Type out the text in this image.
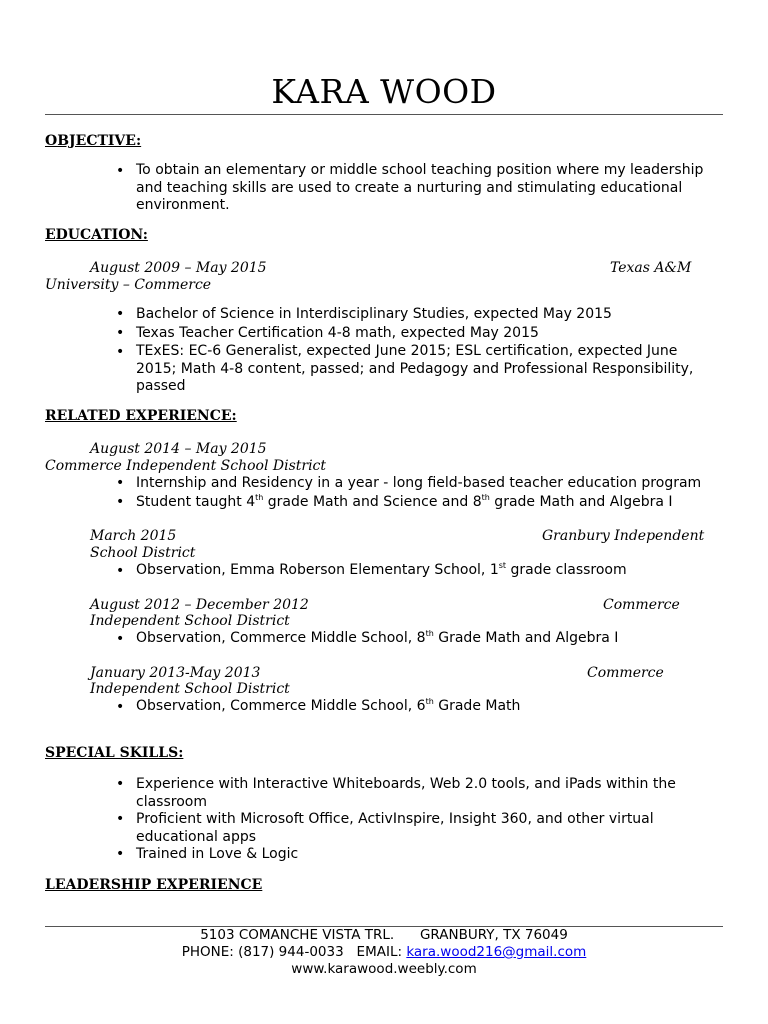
KARA WOOD
OBJECTIVE:
• To obtain an elementary or middle school teaching position where my leadership and teaching skills are used to create a nurturing and stimulating educational environment.
EDUCATION:
August 2009 – May 2015	Texas A&M
University – Commerce
• Bachelor of Science in Interdisciplinary Studies, expected May 2015
• Texas Teacher Certification 4-8 math, expected May 2015
• TExES: EC-6 Generalist, expected June 2015; ESL certification, expected June 2015; Math 4-8 content, passed; and Pedagogy and Professional Responsibility, passed
RELATED EXPERIENCE:
August 2014 – May 2015
Commerce Independent School District
• Internship and Residency in a year - long field-based teacher education program
• Student taught 4th grade Math and Science and 8th grade Math and Algebra I
March 2015	Granbury Independent
School District
• Observation, Emma Roberson Elementary School, 1st grade classroom
August 2012 – December 2012	Commerce
Independent School District
• Observation, Commerce Middle School, 8th Grade Math and Algebra I
January 2013-May 2013	Commerce
Independent School District
• Observation, Commerce Middle School, 6th Grade Math
SPECIAL SKILLS:
• Experience with Interactive Whiteboards, Web 2.0 tools, and iPads within the classroom
• Proficient with Microsoft Office, ActivInspire, Insight 360, and other virtual educational apps
• Trained in Love & Logic
LEADERSHIP EXPERIENCE
5103 COMANCHE VISTA TRL.      GRANBURY, TX 76049
PHONE: (817) 944-0033   EMAIL: kara.wood216@gmail.com
www.karawood.weebly.com
